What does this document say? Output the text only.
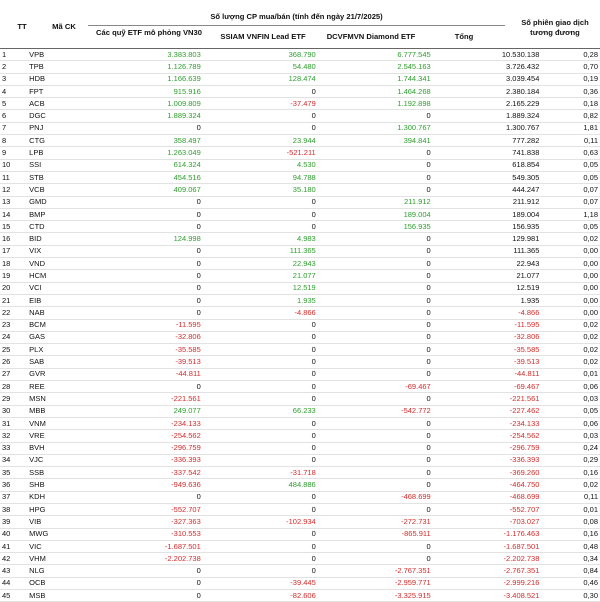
TT	Mã CK
Số lượng CP mua/bán (tính đến ngày 21/7/2025)
Các quỹ ETF mô phỏng VN30	SSIAM VNFIN Lead ETF	DCVFMVN Diamond ETF	Tổng
Số phiên giao dịch tương đương
1	VPB	3.383.803	368.790	6.777.545	10.530.138	0,28
2	TPB	1.126.789	54.480	2.545.163	3.726.432	0,70
3	HDB	1.166.639	128.474	1.744.341	3.039.454	0,19
4	FPT	915.916	0	1.464.268	2.380.184	0,36
5	ACB	1.009.809	-37.479	1.192.898	2.165.229	0,18
6	DGC	1.889.324	0	0	1.889.324	0,82
7	PNJ	0	0	1.300.767	1.300.767	1,81
8	CTG	358.497	23.944	394.841	777.282	0,11
9	LPB	1.263.049	-521.211	0	741.838	0,63
10	SSI	614.324	4.530	0	618.854	0,05
11	STB	454.516	94.788	0	549.305	0,05
12	VCB	409.067	35.180	0	444.247	0,07
13	GMD	0	0	211.912	211.912	0,07
14	BMP	0	0	189.004	189.004	1,18
15	CTD	0	0	156.935	156.935	0,05
16	BID	124.998	4.983	0	129.981	0,02
17	VIX	0	111.365	0	111.365	0,00
18	VND	0	22.943	0	22.943	0,00
19	HCM	0	21.077	0	21.077	0,00
20	VCI	0	12.519	0	12.519	0,00
21	EIB	0	1.935	0	1.935	0,00
22	NAB	0	-4.866	0	-4.866	0,00
23	BCM	-11.595	0	0	-11.595	0,02
24	GAS	-32.806	0	0	-32.806	0,02
25	PLX	-35.585	0	0	-35.585	0,02
26	SAB	-39.513	0	0	-39.513	0,02
27	GVR	-44.811	0	0	-44.811	0,01
28	REE	0	0	-69.467	-69.467	0,06
29	MSN	-221.561	0	0	-221.561	0,03
30	MBB	249.077	66.233	-542.772	-227.462	0,05
31	VNM	-234.133	0	0	-234.133	0,06
32	VRE	-254.562	0	0	-254.562	0,03
33	BVH	-296.759	0	0	-296.759	0,24
34	VJC	-336.393	0	0	-336.393	0,29
35	SSB	-337.542	-31.718	0	-369.260	0,16
36	SHB	-949.636	484.886	0	-464.750	0,02
37	KDH	0	0	-468.699	-468.699	0,11
38	HPG	-552.707	0	0	-552.707	0,01
39	VIB	-327.363	-102.934	-272.731	-703.027	0,08
40	MWG	-310.553	0	-865.911	-1.176.463	0,16
41	VIC	-1.687.501	0	0	-1.687.501	0,48
42	VHM	-2.202.738	0	0	-2.202.738	0,34
43	NLG	0	0	-2.767.351	-2.767.351	0,84
44	OCB	0	-39.445	-2.959.771	-2.999.216	0,46
45	MSB	0	-82.606	-3.325.915	-3.408.521	0,30
